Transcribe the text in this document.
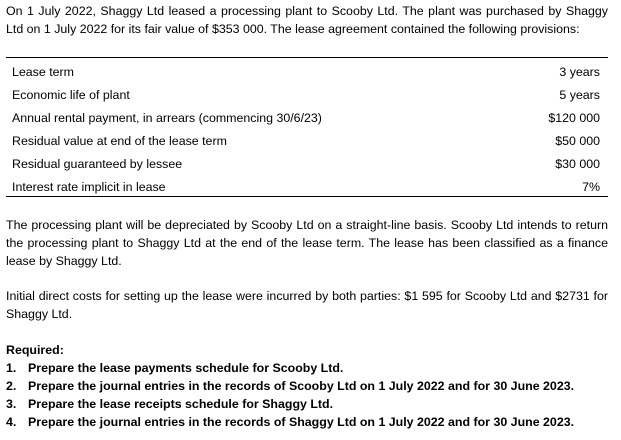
On 1 July 2022, Shaggy Ltd leased a processing plant to Scooby Ltd. The plant was purchased by Shaggy Ltd on 1 July 2022 for its fair value of $353 000. The lease agreement contained the following provisions:

Lease term	3 years
Economic life of plant	5 years
Annual rental payment, in arrears (commencing 30/6/23)	$120 000
Residual value at end of the lease term	$50 000
Residual guaranteed by lessee	$30 000
Interest rate implicit in lease	7%

The processing plant will be depreciated by Scooby Ltd on a straight-line basis. Scooby Ltd intends to return the processing plant to Shaggy Ltd at the end of the lease term. The lease has been classified as a finance lease by Shaggy Ltd.

Initial direct costs for setting up the lease were incurred by both parties: $1 595 for Scooby Ltd and $2731 for Shaggy Ltd.

Required:
1. Prepare the lease payments schedule for Scooby Ltd.
2. Prepare the journal entries in the records of Scooby Ltd on 1 July 2022 and for 30 June 2023.
3. Prepare the lease receipts schedule for Shaggy Ltd.
4. Prepare the journal entries in the records of Shaggy Ltd on 1 July 2022 and for 30 June 2023.
